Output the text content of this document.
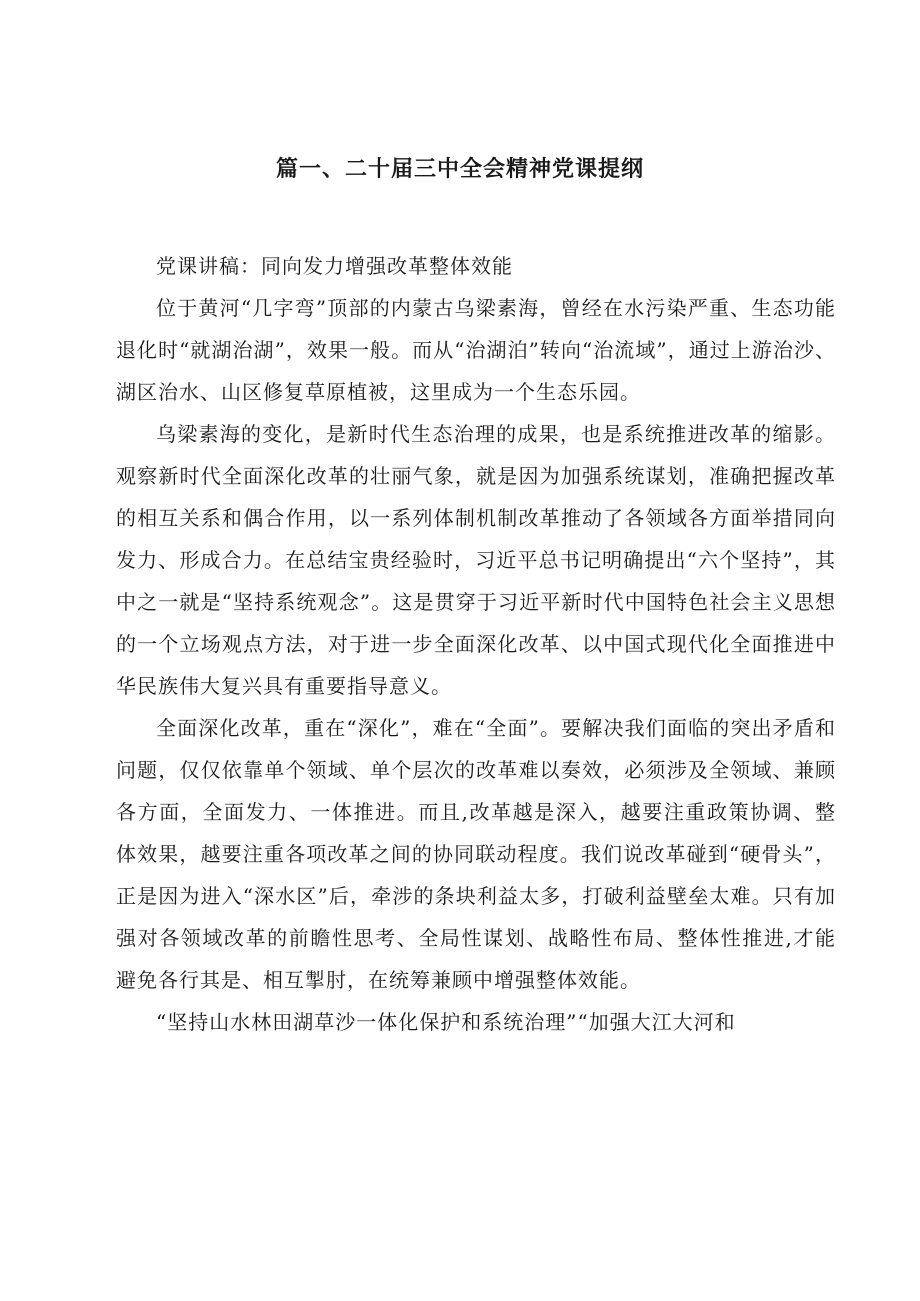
篇一、二十届三中全会精神党课提纲

党课讲稿：同向发力增强改革整体效能

位于黄河“几字弯”顶部的内蒙古乌梁素海，曾经在水污染严重、生态功能退化时“就湖治湖”，效果一般。而从“治湖泊”转向“治流域”，通过上游治沙、湖区治水、山区修复草原植被，这里成为一个生态乐园。

乌梁素海的变化，是新时代生态治理的成果，也是系统推进改革的缩影。观察新时代全面深化改革的壮丽气象，就是因为加强系统谋划，准确把握改革的相互关系和偶合作用，以一系列体制机制改革推动了各领域各方面举措同向发力、形成合力。在总结宝贵经验时，习近平总书记明确提出“六个坚持”，其中之一就是“坚持系统观念”。这是贯穿于习近平新时代中国特色社会主义思想的一个立场观点方法，对于进一步全面深化改革、以中国式现代化全面推进中华民族伟大复兴具有重要指导意义。

全面深化改革，重在“深化”，难在“全面”。要解决我们面临的突出矛盾和问题，仅仅依靠单个领域、单个层次的改革难以奏效，必须涉及全领域、兼顾各方面，全面发力、一体推进。而且,改革越是深入，越要注重政策协调、整体效果，越要注重各项改革之间的协同联动程度。我们说改革碰到“硬骨头”，正是因为进入“深水区”后，牵涉的条块利益太多，打破利益壁垒太难。只有加强对各领域改革的前瞻性思考、全局性谋划、战略性布局、整体性推进,才能避免各行其是、相互掣肘，在统筹兼顾中增强整体效能。

“坚持山水林田湖草沙一体化保护和系统治理”“加强大江大河和
